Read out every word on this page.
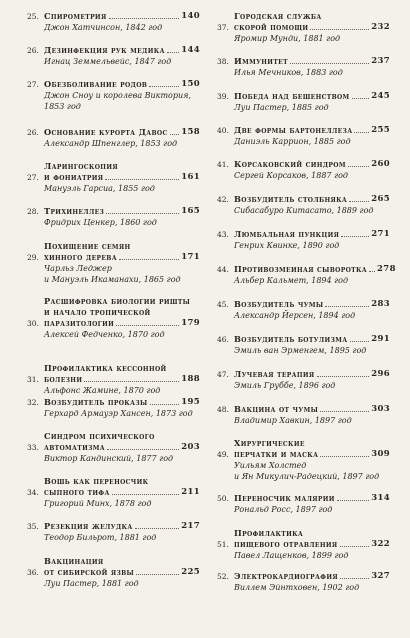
25. Спирометрия	140
Джон Хатчинсон, 1842 год
26. Дезинфекция рук медика 144
Игнац Земмельвейс, 1847 год
27. Обезболивание родов	150
Джон Сноу и королева Виктория,
1853 год
26. Основание курорта Давос 158
Александр Шпенглер, 1853 год
27.
Ларингоскопия
и фониатрия	161
Мануэль Гарсиа, 1855 год
28. Трихинеллез	165
Фридрих Ценкер, 1860 год
29.
Похищение семян
хинного дерева	171
Чарльз Леджер
и Мануэль Икаманахи, 1865 год
30.
Расшифровка биологии ришты
и начало тропической
паразитологии	179
Алексей Федченко, 1870 год
31.
Профилактика кессонной
болезни	188
Альфонс Жамине, 1870 год
32. Возбудитель проказы	195
Герхард Армауэр Хансен, 1873 год
33.
Синдром психического
автоматизма	203
Виктор Кандинский, 1877 год
34.
Вошь как переносчик
сыпного тифа	211
Григорий Минх, 1878 год
35. Резекция желудка	217
Теодор Бильрот, 1881 год
36.
Вакцинация
от сибирской язвы	225
Луи Пастер, 1881 год
37.
Городская служба
скорой помощи	232
Яромир Мунди, 1881 год
38. Иммунитет	237
Илья Мечников, 1883 год
39. Победа над бешенством	245
Луи Пастер, 1885 год
40. Две формы бартонеллеза 255
Даниэль Каррион, 1885 год
41. Корсаковский синдром	260
Сергей Корсаков, 1887 год
42. Возбудитель столбняка	265
Сибасабуро Китасато, 1889 год
43. Люмбальная пункция	271
Генрих Квинке, 1890 год
44. Противозмеиная сыворотка 278
Альбер Кальмет, 1894 год
45. Возбудитель чумы	283
Александр Йерсен, 1894 год
46. Возбудитель ботулизма	291
Эмиль ван Эрменгем, 1895 год
47. Лучевая терапия	296
Эмиль Груббе, 1896 год
48. Вакцина от чумы	303
Владимир Хавкин, 1897 год
49.
Хирургические
перчатки и маска	309
Уильям Холстед
и Ян Микулич-Радецкий, 1897 год
50. Переносчик малярии	314
Рональд Росс, 1897 год
51.
Профилактика
пищевого отравления	322
Павел Лащенков, 1899 год
52. Электрокардиография	327
Виллем Эйнтховен, 1902 год
